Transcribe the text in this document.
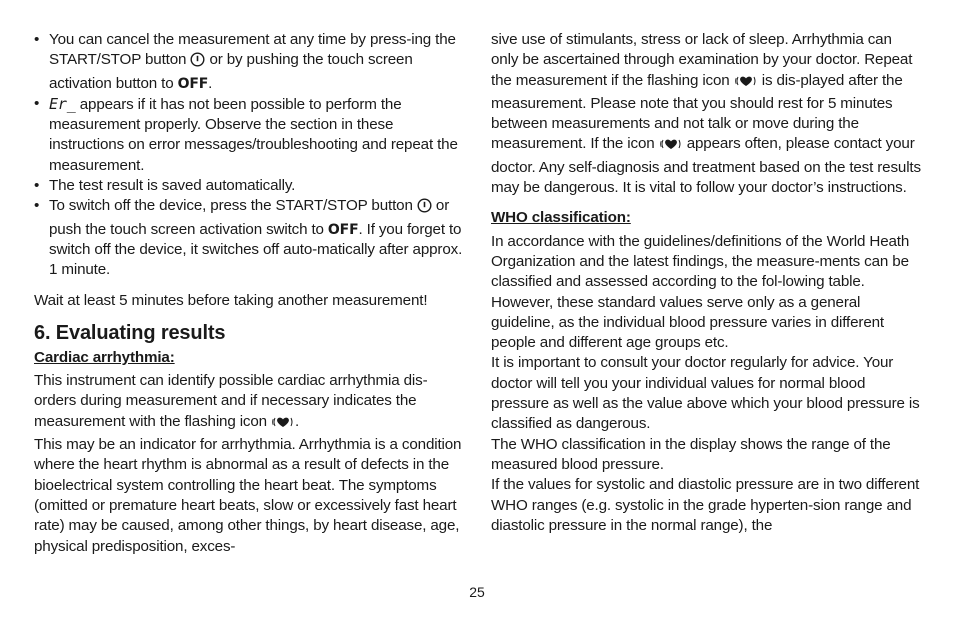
• You can cancel the measurement at any time by press-ing the START/STOP button or by pushing the touch screen activation button to OFF.
• Er_ appears if it has not been possible to perform the measurement properly. Observe the section in these instructions on error messages/troubleshooting and repeat the measurement.
• The test result is saved automatically.
• To switch off the device, press the START/STOP button or push the touch screen activation switch to OFF. If you forget to switch off the device, it switches off auto-matically after approx. 1 minute.

Wait at least 5 minutes before taking another measurement!

6. Evaluating results
Cardiac arrhythmia:

This instrument can identify possible cardiac arrhythmia dis-orders during measurement and if necessary indicates the measurement with the flashing icon .

This may be an indicator for arrhythmia. Arrhythmia is a condition where the heart rhythm is abnormal as a result of defects in the bioelectrical system controlling the heart beat. The symptoms (omitted or premature heart beats, slow or excessively fast heart rate) may be caused, among other things, by heart disease, age, physical predisposition, exces-

sive use of stimulants, stress or lack of sleep. Arrhythmia can only be ascertained through examination by your doctor. Repeat the measurement if the flashing icon is dis-played after the measurement. Please note that you should rest for 5 minutes between measurements and not talk or move during the measurement. If the icon appears often, please contact your doctor. Any self-diagnosis and treatment based on the test results may be dangerous. It is vital to follow your doctor’s instructions.

WHO classification:

In accordance with the guidelines/definitions of the World Heath Organization and the latest findings, the measure-ments can be classified and assessed according to the fol-lowing table.

However, these standard values serve only as a general guideline, as the individual blood pressure varies in different people and different age groups etc.

It is important to consult your doctor regularly for advice. Your doctor will tell you your individual values for normal blood pressure as well as the value above which your blood pressure is classified as dangerous.

The WHO classification in the display shows the range of the measured blood pressure.

If the values for systolic and diastolic pressure are in two different WHO ranges (e.g. systolic in the grade hyperten-sion range and diastolic pressure in the normal range), the

25
